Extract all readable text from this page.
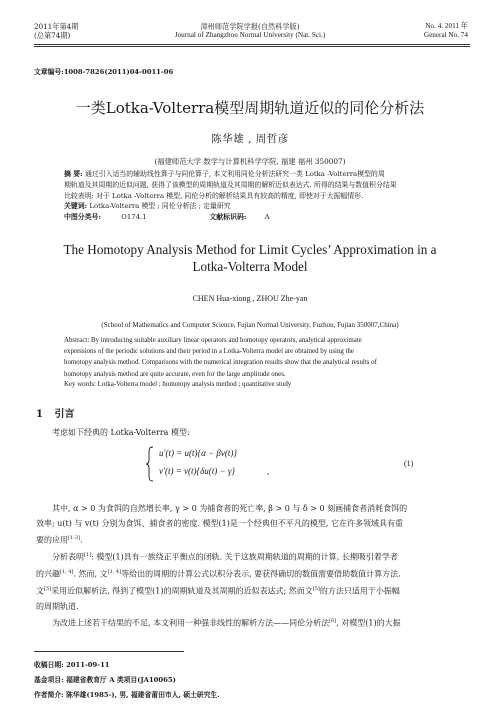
2011年第4期
(总第74期)
漳州师范学院学报(自然科学版)
Journal of Zhangzhou Normal University (Nat. Sci.)
No. 4. 2011 年
General No. 74
文章编号:1008-7826(2011)04-0011-06
一类Lotka-Volterra模型周期轨道近似的同伦分析法
陈华雄 , 周哲彦
(福建师范大学 数学与计算机科学学院, 福建 福州 350007)
摘 要: 通过引入适当的辅助线性算子与同伦算子, 本文利用同伦分析法研究一类 Lotka -Volterra模型的周
期轨道及其周期的近似问题, 获得了该模型的周期轨道及其周期的解析近似表达式. 所得的结果与数值积分结果
比较表明: 对于 Lotka -Volterra 模型, 同伦分析的解析结果具有较高的精度, 即使对于大振幅情形.
关键词: Lotka-Volterra 模型 ; 同伦分析法 ; 定量研究
中图分类号:	O174.1	文献标识码:	A
The Homotopy Analysis Method for Limit Cycles’ Approximation in a
Lotka-Volterra Model
CHEN Hua-xiong , ZHOU Zhe-yan
(School of Mathematics and Computer Science, Fujian Normal University, Fuzhou, Fujian 350007,China)
Abstract: By introducing suitable auxiliary linear operators and homotopy operators, analytical approximate
expressions of the periodic solutions and their period in a Lotka-Volterra model are obtained by using the
homotopy analysis method. Comparisons with the numerical integration results show that the analytical results of
homotopy analysis method are quite accurate, even for the large amplitude ones.
Key words: Lotka-Volterra model ; homotopy analysis method ; quantitative study
1 引言
考虑如下经典的 Lotka-Volterra 模型:
u′(t) = u(t){α − βv(t)}
v′(t) = v(t){δu(t) − γ}	,
(1)
其中, α > 0 为食饵的自然增长率, γ > 0 为捕食者的死亡率, β > 0 与 δ > 0 刻画捕食者消耗食饵的
效率; u(t) 与 v(t) 分别为食饵、捕食者的密度. 模型(1)是一个经典但不平凡的模型, 它在许多领域具有重
要的应用[1-3].
分析表明[1]: 模型(1)具有一族绕正平衡点的闭轨. 关于这族周期轨道的周期的计算, 长期吸引着学者
的兴趣[1, 4]. 然而, 文[1, 4]等给出的周期的计算公式以积分表示, 要获得确切的数值需要借助数值计算方法.
文[5]采用近似解析法, 得到了模型(1)的周期轨道及其周期的近似表达式; 然而文[5]的方法只适用于小振幅
的周期轨道.
为改进上述若干结果的不足, 本文利用一种强非线性的解析方法——同伦分析法[6], 对模型(1)的大振
收稿日期: 2011-09-11
基金项目: 福建省教育厅 A 类项目(JA10065)
作者简介: 陈华雄(1985-), 男, 福建省莆田市人, 硕士研究生.
